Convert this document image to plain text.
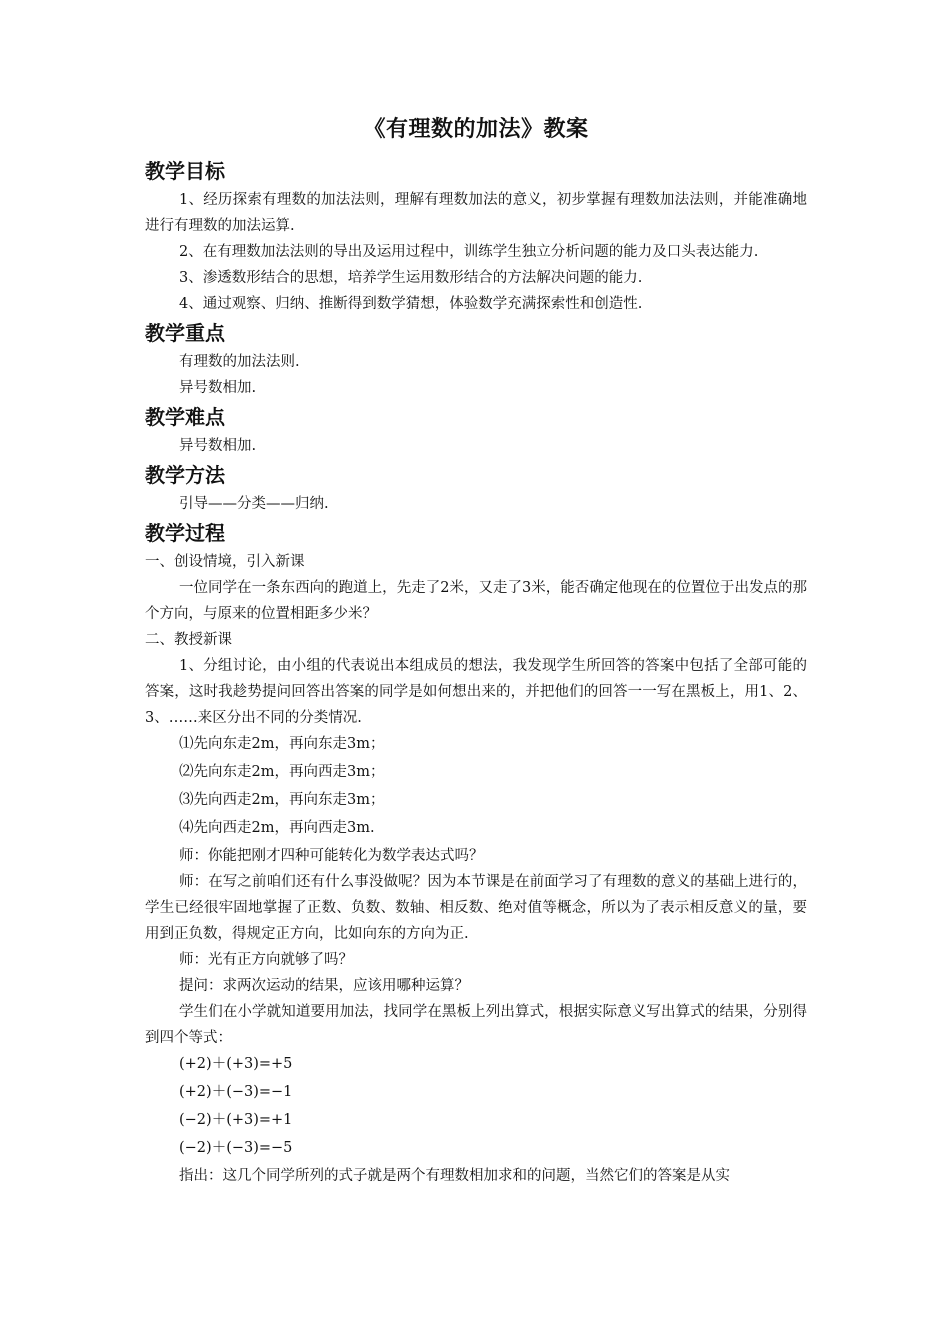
《有理数的加法》教案
教学目标

1、经历探索有理数的加法法则，理解有理数加法的意义，初步掌握有理数加法法则，并能准确地进行有理数的加法运算.

2、在有理数加法法则的导出及运用过程中，训练学生独立分析问题的能力及口头表达能力.

3、渗透数形结合的思想，培养学生运用数形结合的方法解决问题的能力.

4、通过观察、归纳、推断得到数学猜想，体验数学充满探索性和创造性.

教学重点

有理数的加法法则.

异号数相加.

教学难点

异号数相加.

教学方法

引导——分类——归纳.

教学过程

一、创设情境，引入新课

一位同学在一条东西向的跑道上，先走了2米，又走了3米，能否确定他现在的位置位于出发点的那个方向，与原来的位置相距多少米？

二、教授新课

1、分组讨论，由小组的代表说出本组成员的想法，我发现学生所回答的答案中包括了全部可能的答案，这时我趁势提问回答出答案的同学是如何想出来的，并把他们的回答一一写在黑板上，用1、2、3、……来区分出不同的分类情况.

⑴先向东走2m，再向东走3m；

⑵先向东走2m，再向西走3m；

⑶先向西走2m，再向东走3m；

⑷先向西走2m，再向西走3m.

师：你能把刚才四种可能转化为数学表达式吗？

师：在写之前咱们还有什么事没做呢？因为本节课是在前面学习了有理数的意义的基础上进行的，学生已经很牢固地掌握了正数、负数、数轴、相反数、绝对值等概念，所以为了表示相反意义的量，要用到正负数，得规定正方向，比如向东的方向为正.

师：光有正方向就够了吗？

提问：求两次运动的结果，应该用哪种运算？

学生们在小学就知道要用加法，找同学在黑板上列出算式，根据实际意义写出算式的结果，分别得到四个等式：

(+2)＋(+3)=+5

(+2)＋(−3)=−1

(−2)＋(+3)=+1

(−2)＋(−3)=−5

指出：这几个同学所列的式子就是两个有理数相加求和的问题，当然它们的答案是从实
